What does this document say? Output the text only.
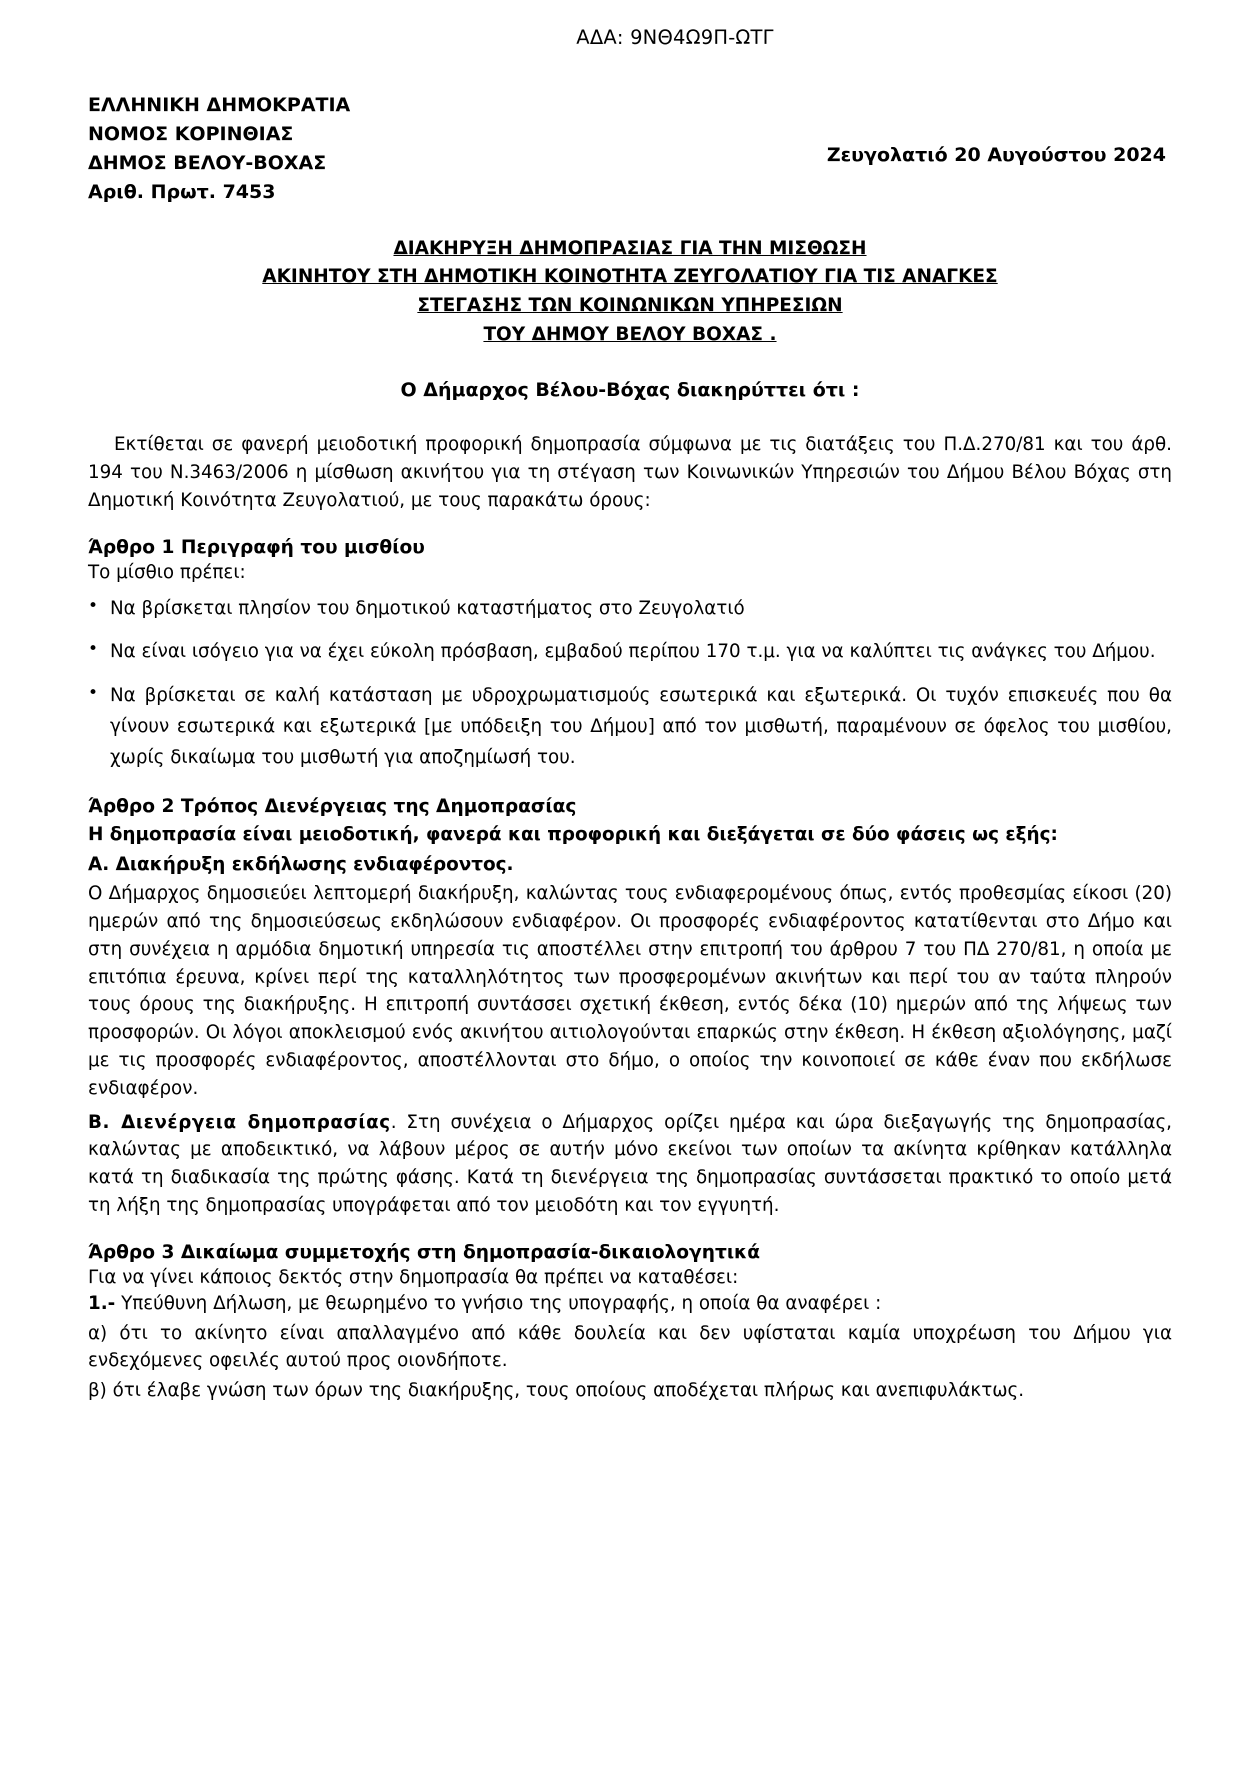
ΑΔΑ: 9ΝΘ4Ω9Π-ΩΤΓ
ΕΛΛΗΝΙΚΗ ΔΗΜΟΚΡΑΤΙΑ
ΝΟΜΟΣ ΚΟΡΙΝΘΙΑΣ
ΔΗΜΟΣ ΒΕΛΟΥ-ΒΟΧΑΣ
Αριθ. Πρωτ. 7453
Ζευγολατιό 20 Αυγούστου 2024
ΔΙΑΚΗΡΥΞΗ ΔΗΜΟΠΡΑΣΙΑΣ ΓΙΑ ΤΗΝ ΜΙΣΘΩΣΗ
ΑΚΙΝΗΤΟΥ ΣΤΗ ΔΗΜΟΤΙΚΗ ΚΟΙΝΟΤΗΤΑ ΖΕΥΓΟΛΑΤΙΟΥ ΓΙΑ ΤΙΣ ΑΝΑΓΚΕΣ
ΣΤΕΓΑΣΗΣ ΤΩΝ ΚΟΙΝΩΝΙΚΩΝ ΥΠΗΡΕΣΙΩΝ
ΤΟΥ ΔΗΜΟΥ ΒΕΛΟΥ ΒΟΧΑΣ .
Ο Δήμαρχος Βέλου-Βόχας διακηρύττει ότι :

Εκτίθεται σε φανερή μειοδοτική προφορική δημοπρασία σύμφωνα με τις διατάξεις του Π.Δ.270/81 και του άρθ. 194 του Ν.3463/2006 η μίσθωση ακινήτου για τη στέγαση των Κοινωνικών Υπηρεσιών του Δήμου Βέλου Βόχας στη Δημοτική Κοινότητα Ζευγολατιού, με τους παρακάτω όρους:

Άρθρο 1 Περιγραφή του μισθίου
Το μίσθιο πρέπει:
• Να βρίσκεται πλησίον του δημοτικού καταστήματος στο Ζευγολατιό
• Να είναι ισόγειο για να έχει εύκολη πρόσβαση, εμβαδού περίπου 170 τ.μ. για να καλύπτει τις ανάγκες του Δήμου.
• Να βρίσκεται σε καλή κατάσταση με υδροχρωματισμούς εσωτερικά και εξωτερικά. Οι τυχόν επισκευές που θα γίνουν εσωτερικά και εξωτερικά [με υπόδειξη του Δήμου] από τον μισθωτή, παραμένουν σε όφελος του μισθίου, χωρίς δικαίωμα του μισθωτή για αποζημίωσή του.
Άρθρο 2 Τρόπος Διενέργειας της Δημοπρασίας
Η δημοπρασία είναι μειοδοτική, φανερά και προφορική και διεξάγεται σε δύο φάσεις ως εξής:
Α. Διακήρυξη εκδήλωσης ενδιαφέροντος.

Ο Δήμαρχος δημοσιεύει λεπτομερή διακήρυξη, καλώντας τους ενδιαφερομένους όπως, εντός προθεσμίας είκοσι (20) ημερών από της δημοσιεύσεως εκδηλώσουν ενδιαφέρον. Οι προσφορές ενδιαφέροντος κατατίθενται στο Δήμο και στη συνέχεια η αρμόδια δημοτική υπηρεσία τις αποστέλλει στην επιτροπή του άρθρου 7 του ΠΔ 270/81, η οποία με επιτόπια έρευνα, κρίνει περί της καταλληλότητος των προσφερομένων ακινήτων και περί του αν ταύτα πληρούν τους όρους της διακήρυξης. Η επιτροπή συντάσσει σχετική έκθεση, εντός δέκα (10) ημερών από της λήψεως των προσφορών. Οι λόγοι αποκλεισμού ενός ακινήτου αιτιολογούνται επαρκώς στην έκθεση. Η έκθεση αξιολόγησης, μαζί με τις προσφορές ενδιαφέροντος, αποστέλλονται στο δήμο, ο οποίος την κοινοποιεί σε κάθε έναν που εκδήλωσε ενδιαφέρον.

Β. Διενέργεια δημοπρασίας. Στη συνέχεια ο Δήμαρχος ορίζει ημέρα και ώρα διεξαγωγής της δημοπρασίας, καλώντας με αποδεικτικό, να λάβουν μέρος σε αυτήν μόνο εκείνοι των οποίων τα ακίνητα κρίθηκαν κατάλληλα κατά τη διαδικασία της πρώτης φάσης. Κατά τη διενέργεια της δημοπρασίας συντάσσεται πρακτικό το οποίο μετά τη λήξη της δημοπρασίας υπογράφεται από τον μειοδότη και τον εγγυητή.

Άρθρο 3 Δικαίωμα συμμετοχής στη δημοπρασία-δικαιολογητικά
Για να γίνει κάποιος δεκτός στην δημοπρασία θα πρέπει να καταθέσει:

1.- Υπεύθυνη Δήλωση, με θεωρημένο το γνήσιο της υπογραφής, η οποία θα αναφέρει :

α) ότι το ακίνητο είναι απαλλαγμένο από κάθε δουλεία και δεν υφίσταται καμία υποχρέωση του Δήμου για ενδεχόμενες οφειλές αυτού προς οιονδήποτε.

β) ότι έλαβε γνώση των όρων της διακήρυξης, τους οποίους αποδέχεται πλήρως και ανεπιφυλάκτως.
